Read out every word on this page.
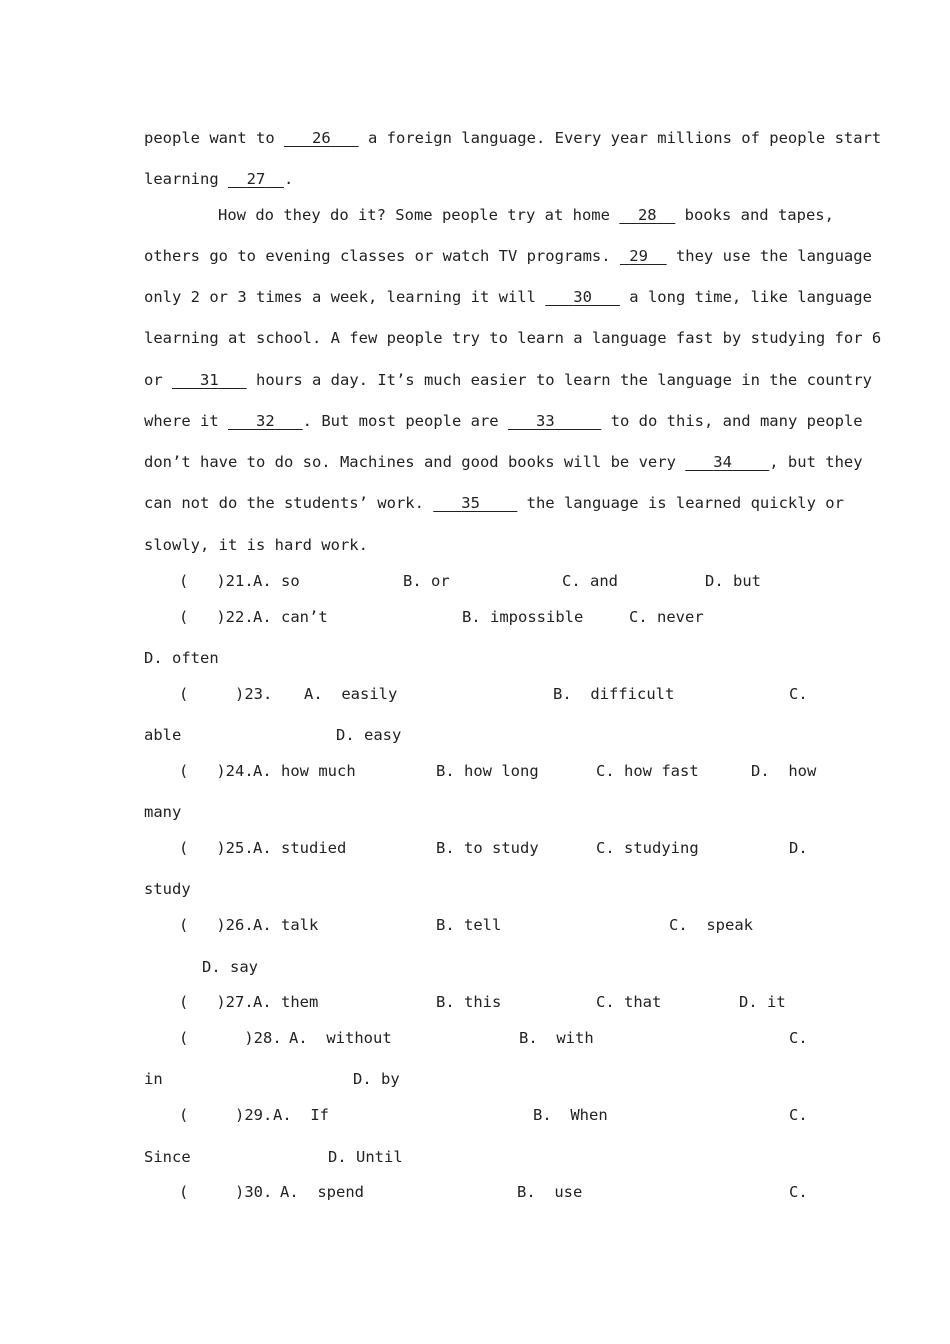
people want to    26    a foreign language. Every year millions of people start
learning   27 .
How do they do it? Some people try at home   28   books and tapes,
others go to evening classes or watch TV programs.  29   they use the language
only 2 or 3 times a week, learning it will    30    a long time, like language
learning at school. A few people try to learn a language fast by studying for 6
or    31    hours a day. It’s much easier to learn the language in the country
where it    32 . But most people are    33	to do this, and many people
don’t have to do so. Machines and good books will be very    34 , but they
can not do the students’ work.    35     the language is learned quickly or
slowly, it is hard work.
(   )21. A. so	B. or	C. and	D. but
(   )22. A. can’t	B. impossible	C. never
D. often
(     )23. A.  easily	B.  difficult	C.
able	D. easy
(   )24. A. how much	B. how long	C. how fast	D.  how
many
(   )25. A. studied	B. to study	C. studying	D.
study
(   )26. A. talk	B. tell	C.  speak
D. say
(   )27. A. them	B. this	C. that	D. it
(      )28. A.  without	B.  with	C.
in	D. by
(     )29. A.  If	B.  When	C.
Since	D. Until
(     )30. A.  spend	B.  use	C.
